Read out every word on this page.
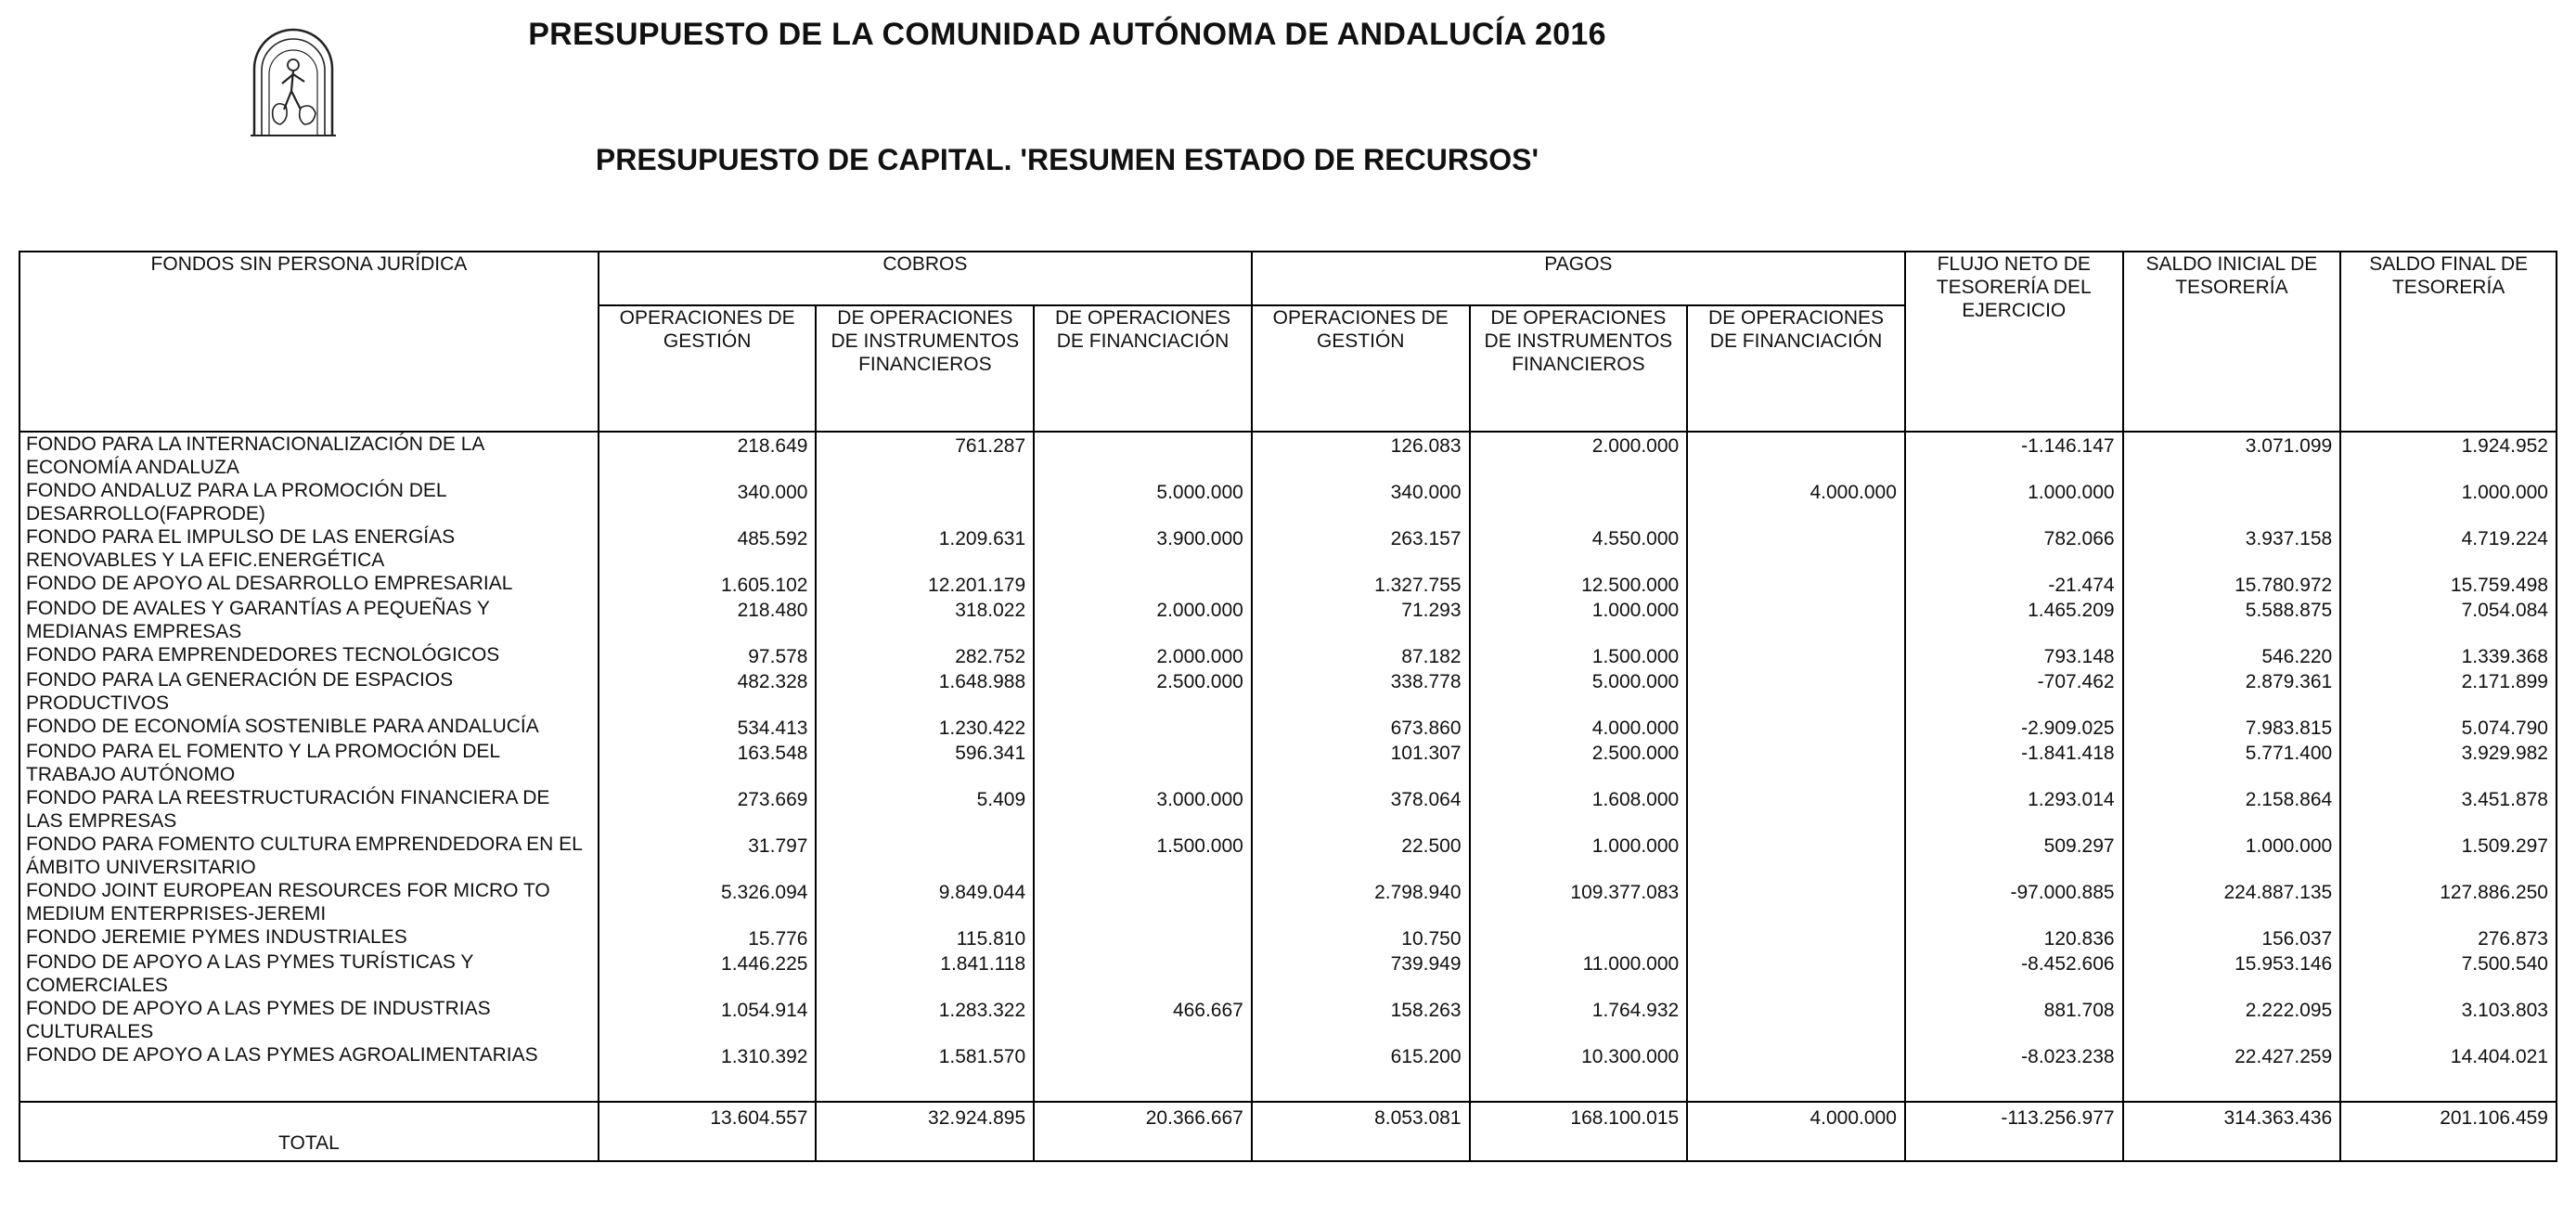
PRESUPUESTO DE LA COMUNIDAD AUTÓNOMA DE ANDALUCÍA 2016
PRESUPUESTO DE CAPITAL. 'RESUMEN ESTADO DE RECURSOS'
FONDOS SIN PERSONA JURÍDICA	COBROS			PAGOS			FLUJO NETO DE TESORERÍA DEL EJERCICIO	SALDO INICIAL DE TESORERÍA	SALDO FINAL DE TESORERÍA
	OPERACIONES DE GESTIÓN	DE OPERACIONES DE INSTRUMENTOS FINANCIEROS	DE OPERACIONES DE FINANCIACIÓN	OPERACIONES DE GESTIÓN	DE OPERACIONES DE INSTRUMENTOS FINANCIEROS	DE OPERACIONES DE FINANCIACIÓN			
FONDO PARA LA INTERNACIONALIZACIÓN DE LA ECONOMÍA ANDALUZA	218.649	761.287		126.083	2.000.000		-1.146.147	3.071.099	1.924.952
FONDO ANDALUZ PARA LA PROMOCIÓN DEL DESARROLLO(FAPRODE)	340.000		5.000.000	340.000		4.000.000	1.000.000		1.000.000
FONDO PARA EL IMPULSO DE LAS ENERGÍAS RENOVABLES Y LA EFIC.ENERGÉTICA	485.592	1.209.631	3.900.000	263.157	4.550.000		782.066	3.937.158	4.719.224
FONDO DE APOYO AL DESARROLLO EMPRESARIAL	1.605.102	12.201.179		1.327.755	12.500.000		-21.474	15.780.972	15.759.498
FONDO DE AVALES Y GARANTÍAS A PEQUEÑAS Y MEDIANAS EMPRESAS	218.480	318.022	2.000.000	71.293	1.000.000		1.465.209	5.588.875	7.054.084
FONDO PARA EMPRENDEDORES TECNOLÓGICOS	97.578	282.752	2.000.000	87.182	1.500.000		793.148	546.220	1.339.368
FONDO PARA LA GENERACIÓN DE ESPACIOS PRODUCTIVOS	482.328	1.648.988	2.500.000	338.778	5.000.000		-707.462	2.879.361	2.171.899
FONDO DE ECONOMÍA SOSTENIBLE PARA ANDALUCÍA	534.413	1.230.422		673.860	4.000.000		-2.909.025	7.983.815	5.074.790
FONDO PARA EL FOMENTO Y LA PROMOCIÓN DEL TRABAJO AUTÓNOMO	163.548	596.341		101.307	2.500.000		-1.841.418	5.771.400	3.929.982
FONDO PARA LA REESTRUCTURACIÓN FINANCIERA DE LAS EMPRESAS	273.669	5.409	3.000.000	378.064	1.608.000		1.293.014	2.158.864	3.451.878
FONDO PARA FOMENTO CULTURA EMPRENDEDORA EN EL ÁMBITO UNIVERSITARIO	31.797		1.500.000	22.500	1.000.000		509.297	1.000.000	1.509.297
FONDO JOINT EUROPEAN RESOURCES FOR MICRO TO MEDIUM ENTERPRISES-JEREMI	5.326.094	9.849.044		2.798.940	109.377.083		-97.000.885	224.887.135	127.886.250
FONDO JEREMIE PYMES INDUSTRIALES	15.776	115.810		10.750			120.836	156.037	276.873
FONDO DE APOYO A LAS PYMES TURÍSTICAS Y COMERCIALES	1.446.225	1.841.118		739.949	11.000.000		-8.452.606	15.953.146	7.500.540
FONDO DE APOYO A LAS PYMES DE INDUSTRIAS CULTURALES	1.054.914	1.283.322	466.667	158.263	1.764.932		881.708	2.222.095	3.103.803
FONDO DE APOYO A LAS PYMES AGROALIMENTARIAS	1.310.392	1.581.570		615.200	10.300.000		-8.023.238	22.427.259	14.404.021
TOTAL	13.604.557	32.924.895	20.366.667	8.053.081	168.100.015	4.000.000	-113.256.977	314.363.436	201.106.459
